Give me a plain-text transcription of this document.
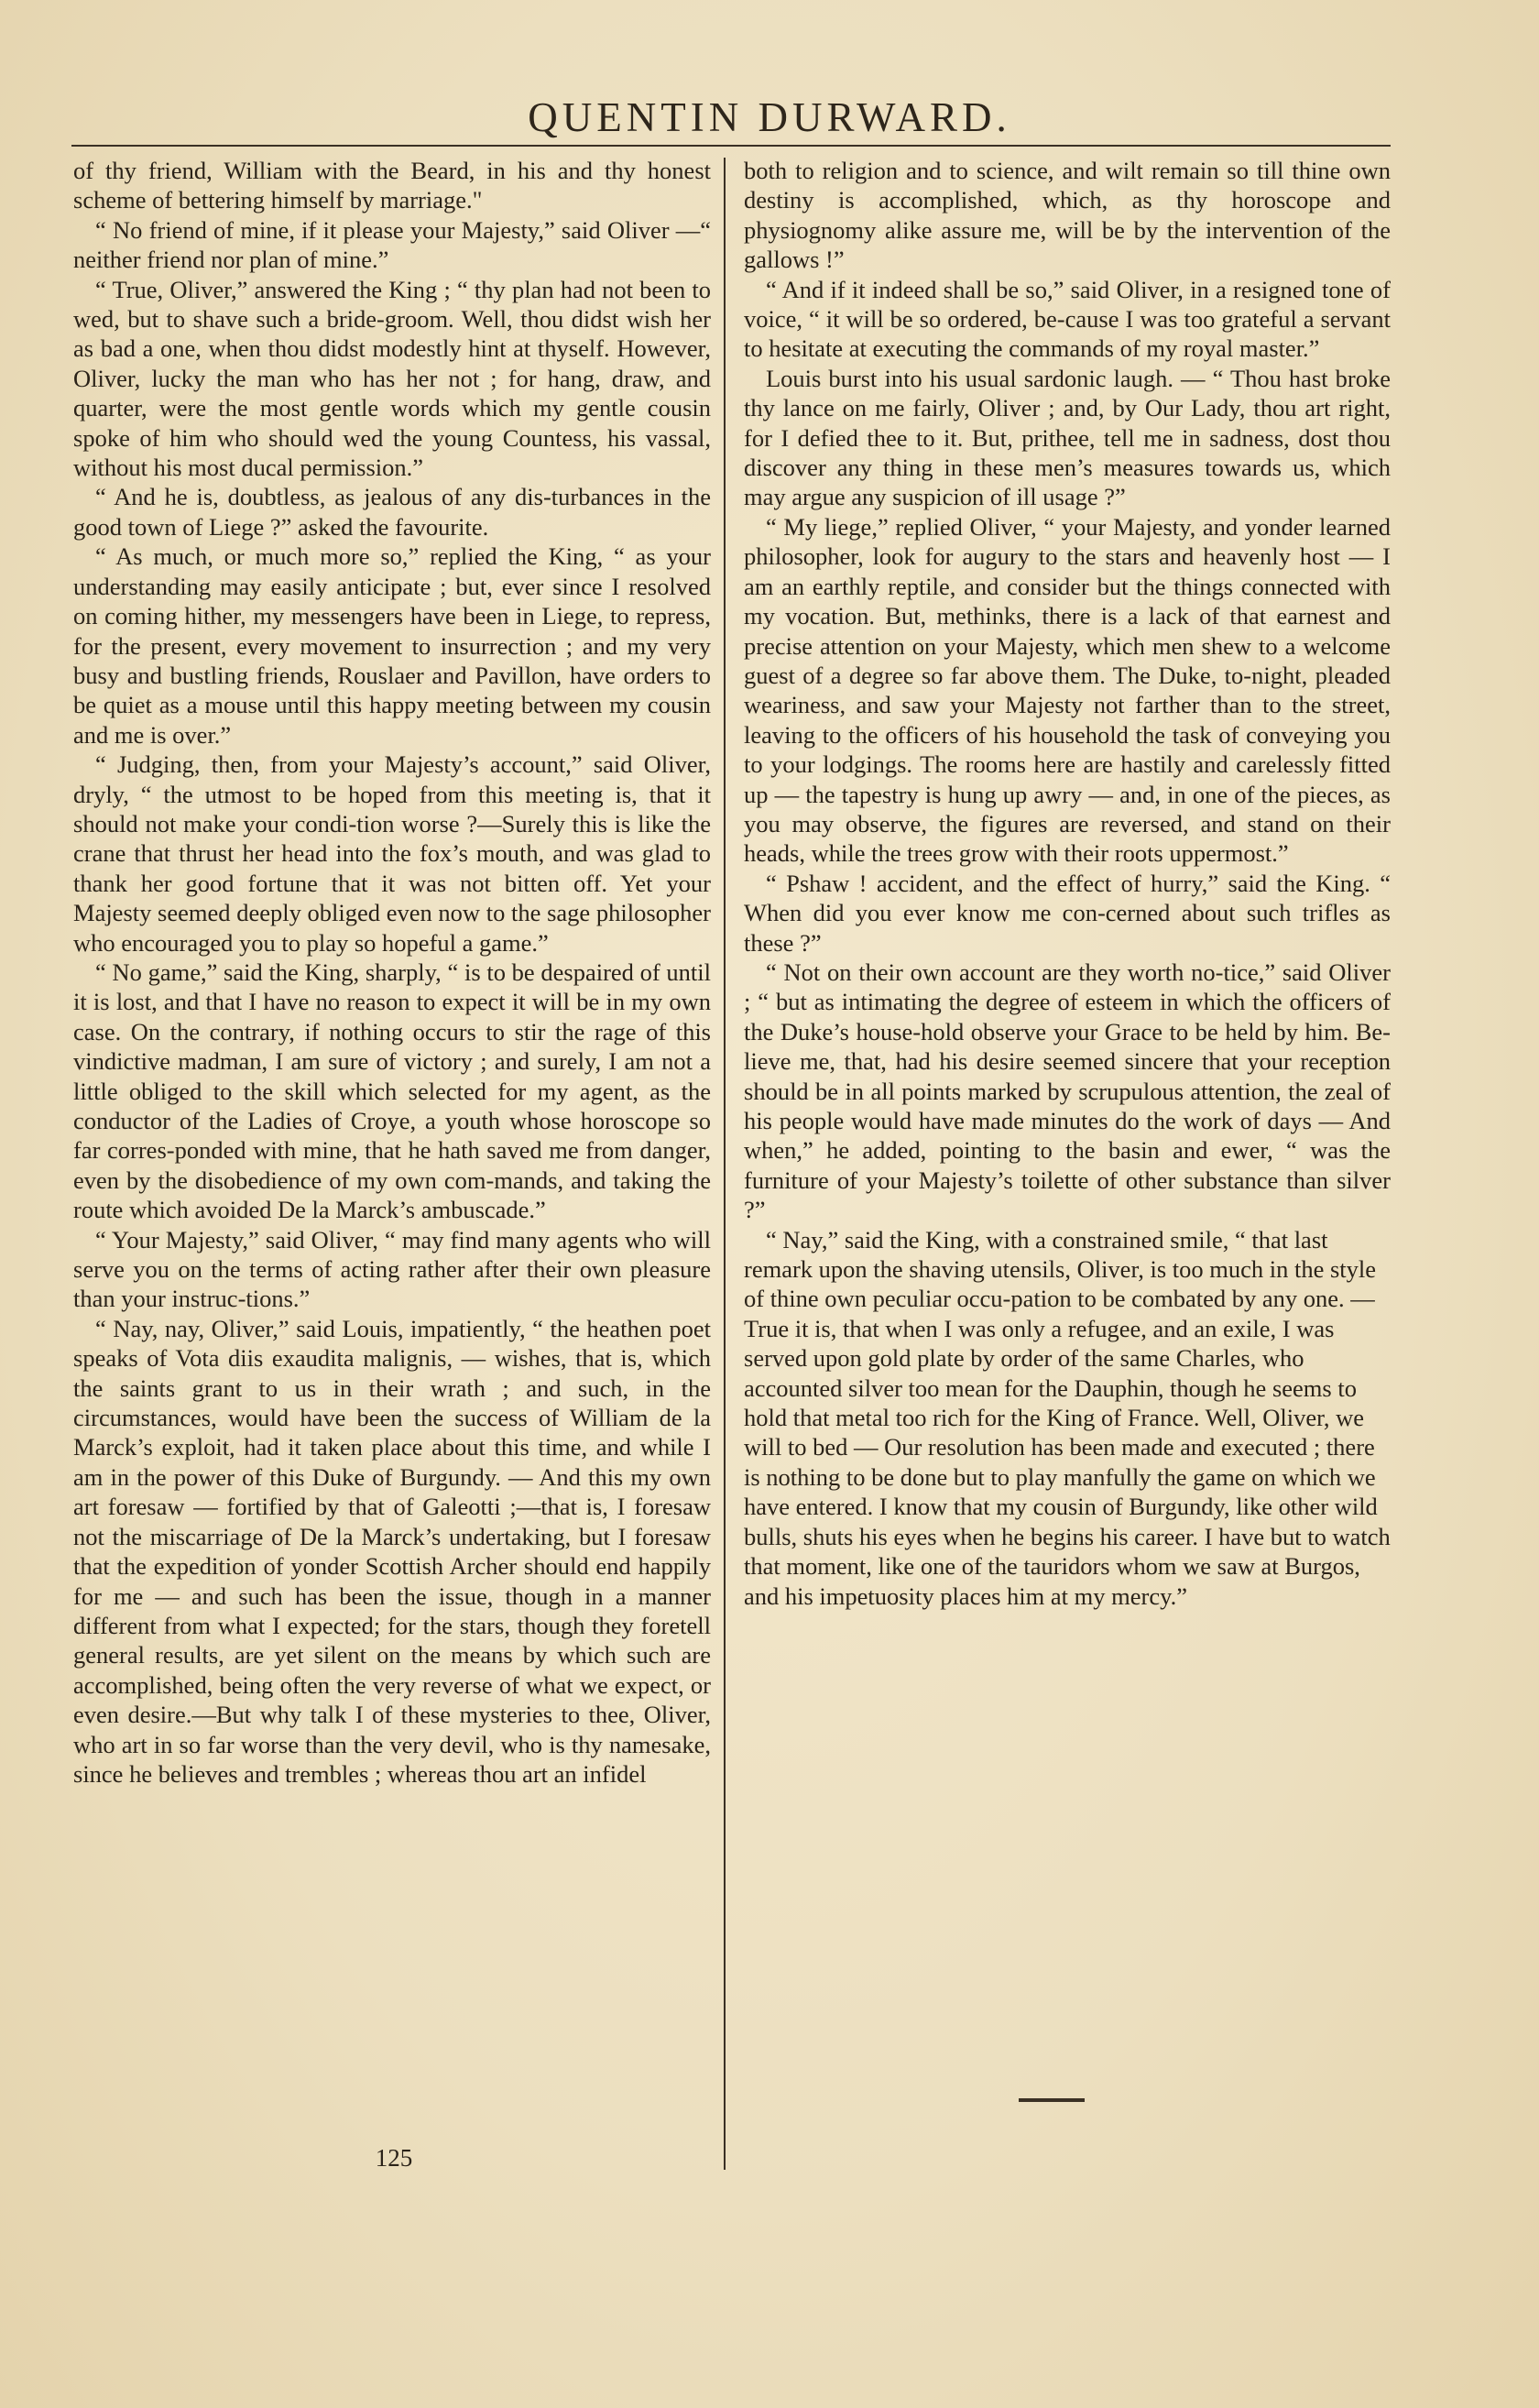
QUENTIN DURWARD.

of thy friend, William with the Beard, in his and thy honest scheme of bettering himself by marriage."

“ No friend of mine, if it please your Majesty,” said Oliver —“ neither friend nor plan of mine.”

“ True, Oliver,” answered the King ; “ thy plan had not been to wed, but to shave such a bride-groom. Well, thou didst wish her as bad a one, when thou didst modestly hint at thyself. However, Oliver, lucky the man who has her not ; for hang, draw, and quarter, were the most gentle words which my gentle cousin spoke of him who should wed the young Countess, his vassal, without his most ducal permission.”

“ And he is, doubtless, as jealous of any dis-turbances in the good town of Liege ?” asked the favourite.

“ As much, or much more so,” replied the King, “ as your understanding may easily anticipate ; but, ever since I resolved on coming hither, my messengers have been in Liege, to repress, for the present, every movement to insurrection ; and my very busy and bustling friends, Rouslaer and Pavillon, have orders to be quiet as a mouse until this happy meeting between my cousin and me is over.”

“ Judging, then, from your Majesty’s account,” said Oliver, dryly, “ the utmost to be hoped from this meeting is, that it should not make your condi-tion worse ?—Surely this is like the crane that thrust her head into the fox’s mouth, and was glad to thank her good fortune that it was not bitten off. Yet your Majesty seemed deeply obliged even now to the sage philosopher who encouraged you to play so hopeful a game.”

“ No game,” said the King, sharply, “ is to be despaired of until it is lost, and that I have no reason to expect it will be in my own case. On the contrary, if nothing occurs to stir the rage of this vindictive madman, I am sure of victory ; and surely, I am not a little obliged to the skill which selected for my agent, as the conductor of the Ladies of Croye, a youth whose horoscope so far corres-ponded with mine, that he hath saved me from danger, even by the disobedience of my own com-mands, and taking the route which avoided De la Marck’s ambuscade.”

“ Your Majesty,” said Oliver, “ may find many agents who will serve you on the terms of acting rather after their own pleasure than your instruc-tions.”

“ Nay, nay, Oliver,” said Louis, impatiently, “ the heathen poet speaks of Vota diis exaudita malignis, — wishes, that is, which the saints grant to us in their wrath ; and such, in the circumstances, would have been the success of William de la Marck’s exploit, had it taken place about this time, and while I am in the power of this Duke of Burgundy. — And this my own art foresaw — fortified by that of Galeotti ;—that is, I foresaw not the miscarriage of De la Marck’s undertaking, but I foresaw that the expedition of yonder Scottish Archer should end happily for me — and such has been the issue, though in a manner different from what I expected; for the stars, though they foretell general results, are yet silent on the means by which such are accomplished, being often the very reverse of what we expect, or even desire.—But why talk I of these mysteries to thee, Oliver, who art in so far worse than the very devil, who is thy namesake, since he believes and trembles ; whereas thou art an infidel

both to religion and to science, and wilt remain so till thine own destiny is accomplished, which, as thy horoscope and physiognomy alike assure me, will be by the intervention of the gallows !”

“ And if it indeed shall be so,” said Oliver, in a resigned tone of voice, “ it will be so ordered, be-cause I was too grateful a servant to hesitate at executing the commands of my royal master.”

Louis burst into his usual sardonic laugh. — “ Thou hast broke thy lance on me fairly, Oliver ; and, by Our Lady, thou art right, for I defied thee to it. But, prithee, tell me in sadness, dost thou discover any thing in these men’s measures towards us, which may argue any suspicion of ill usage ?”

“ My liege,” replied Oliver, “ your Majesty, and yonder learned philosopher, look for augury to the stars and heavenly host — I am an earthly reptile, and consider but the things connected with my vocation. But, methinks, there is a lack of that earnest and precise attention on your Majesty, which men shew to a welcome guest of a degree so far above them. The Duke, to-night, pleaded weariness, and saw your Majesty not farther than to the street, leaving to the officers of his household the task of conveying you to your lodgings. The rooms here are hastily and carelessly fitted up — the tapestry is hung up awry — and, in one of the pieces, as you may observe, the figures are reversed, and stand on their heads, while the trees grow with their roots uppermost.”

“ Pshaw ! accident, and the effect of hurry,” said the King. “ When did you ever know me con-cerned about such trifles as these ?”

“ Not on their own account are they worth no-tice,” said Oliver ; “ but as intimating the degree of esteem in which the officers of the Duke’s house-hold observe your Grace to be held by him. Be-lieve me, that, had his desire seemed sincere that your reception should be in all points marked by scrupulous attention, the zeal of his people would have made minutes do the work of days — And when,” he added, pointing to the basin and ewer, “ was the furniture of your Majesty’s toilette of other substance than silver ?”

“ Nay,” said the King, with a constrained smile, “ that last remark upon the shaving utensils, Oliver, is too much in the style of thine own peculiar occu-pation to be combated by any one. — True it is, that when I was only a refugee, and an exile, I was served upon gold plate by order of the same Charles, who accounted silver too mean for the Dauphin, though he seems to hold that metal too rich for the King of France. Well, Oliver, we will to bed — Our resolution has been made and executed ; there is nothing to be done but to play manfully the game on which we have entered. I know that my cousin of Burgundy, like other wild bulls, shuts his eyes when he begins his career. I have but to watch that moment, like one of the tauridors whom we saw at Burgos, and his impetuosity places him at my mercy.”

125
